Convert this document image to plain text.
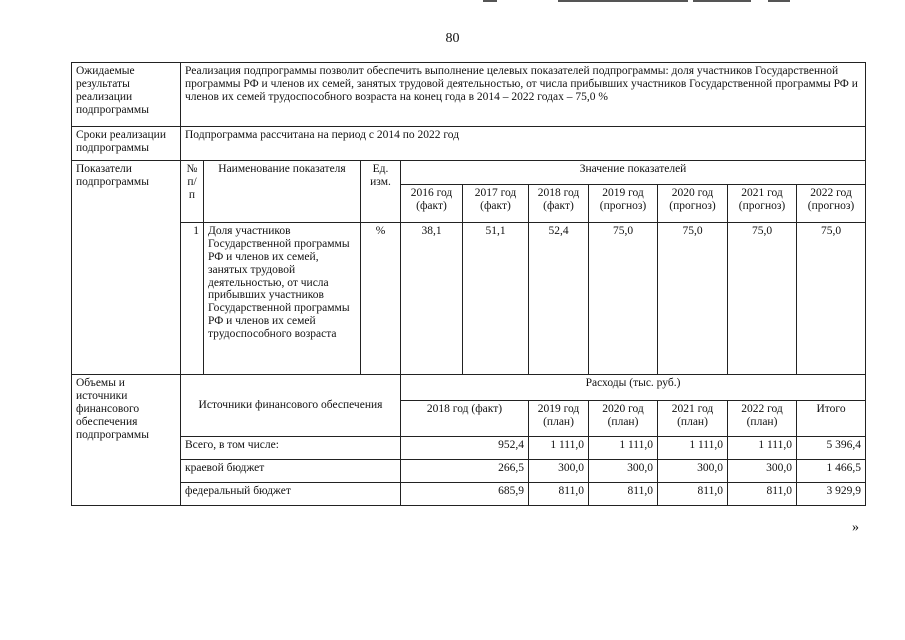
80
Ожидаемые результаты реализации подпрограммы	Реализация подпрограммы позволит обеспечить выполнение целевых показателей подпрограммы: доля участников Государственной программы РФ и членов их семей, занятых трудовой деятельностью, от числа прибывших участников Государственной программы РФ и членов их семей трудоспособного возраста на конец года в 2014 – 2022 годах – 75,0 %									
Сроки реализации подпрограммы	Подпрограмма рассчитана на период с 2014 по 2022 год									
Показатели подпрограммы	№ п/п	Наименование показателя	Ед. изм.	Значение показателей						
				2016 год (факт)	2017 год (факт)	2018 год (факт)	2019 год (прогноз)	2020 год (прогноз)	2021 год (прогноз)	2022 год (прогноз)
	1	Доля участников Государственной программы РФ и членов их семей, занятых трудовой деятельностью, от числа прибывших участников Государственной программы РФ и членов их семей трудоспособного возраста	%	38,1	51,1	52,4	75,0	75,0	75,0	75,0
Объемы и источники финансового обеспечения подпрограммы	Источники финансового обеспечения			Расходы (тыс. руб.)						
				2018 год (факт)		2019 год (план)	2020 год (план)	2021 год (план)	2022 год (план)	Итого
	Всего, в том числе:			952,4		1 111,0	1 111,0	1 111,0	1 111,0	5 396,4
	краевой бюджет			266,5		300,0	300,0	300,0	300,0	1 466,5
	федеральный бюджет			685,9		811,0	811,0	811,0	811,0	3 929,9
»
